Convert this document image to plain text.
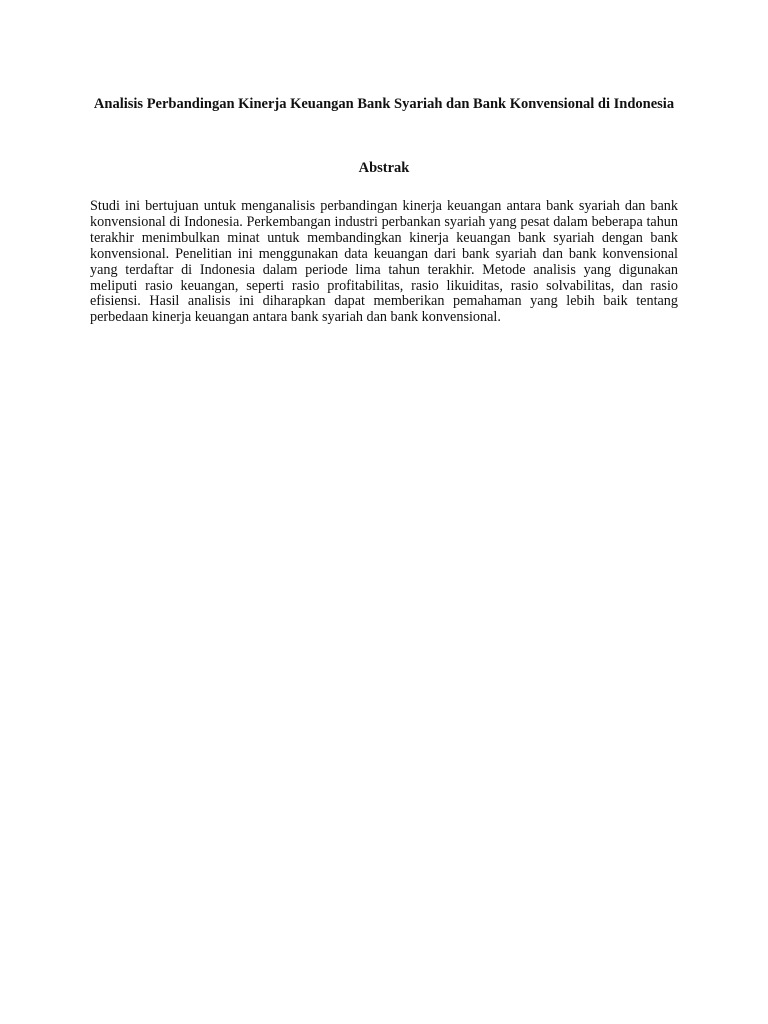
Analisis Perbandingan Kinerja Keuangan Bank Syariah dan Bank Konvensional di Indonesia
Abstrak

Studi ini bertujuan untuk menganalisis perbandingan kinerja keuangan antara bank syariah dan bank konvensional di Indonesia. Perkembangan industri perbankan syariah yang pesat dalam beberapa tahun terakhir menimbulkan minat untuk membandingkan kinerja keuangan bank syariah dengan bank konvensional. Penelitian ini menggunakan data keuangan dari bank syariah dan bank konvensional yang terdaftar di Indonesia dalam periode lima tahun terakhir. Metode analisis yang digunakan meliputi rasio keuangan, seperti rasio profitabilitas, rasio likuiditas, rasio solvabilitas, dan rasio efisiensi. Hasil analisis ini diharapkan dapat memberikan pemahaman yang lebih baik tentang perbedaan kinerja keuangan antara bank syariah dan bank konvensional.
